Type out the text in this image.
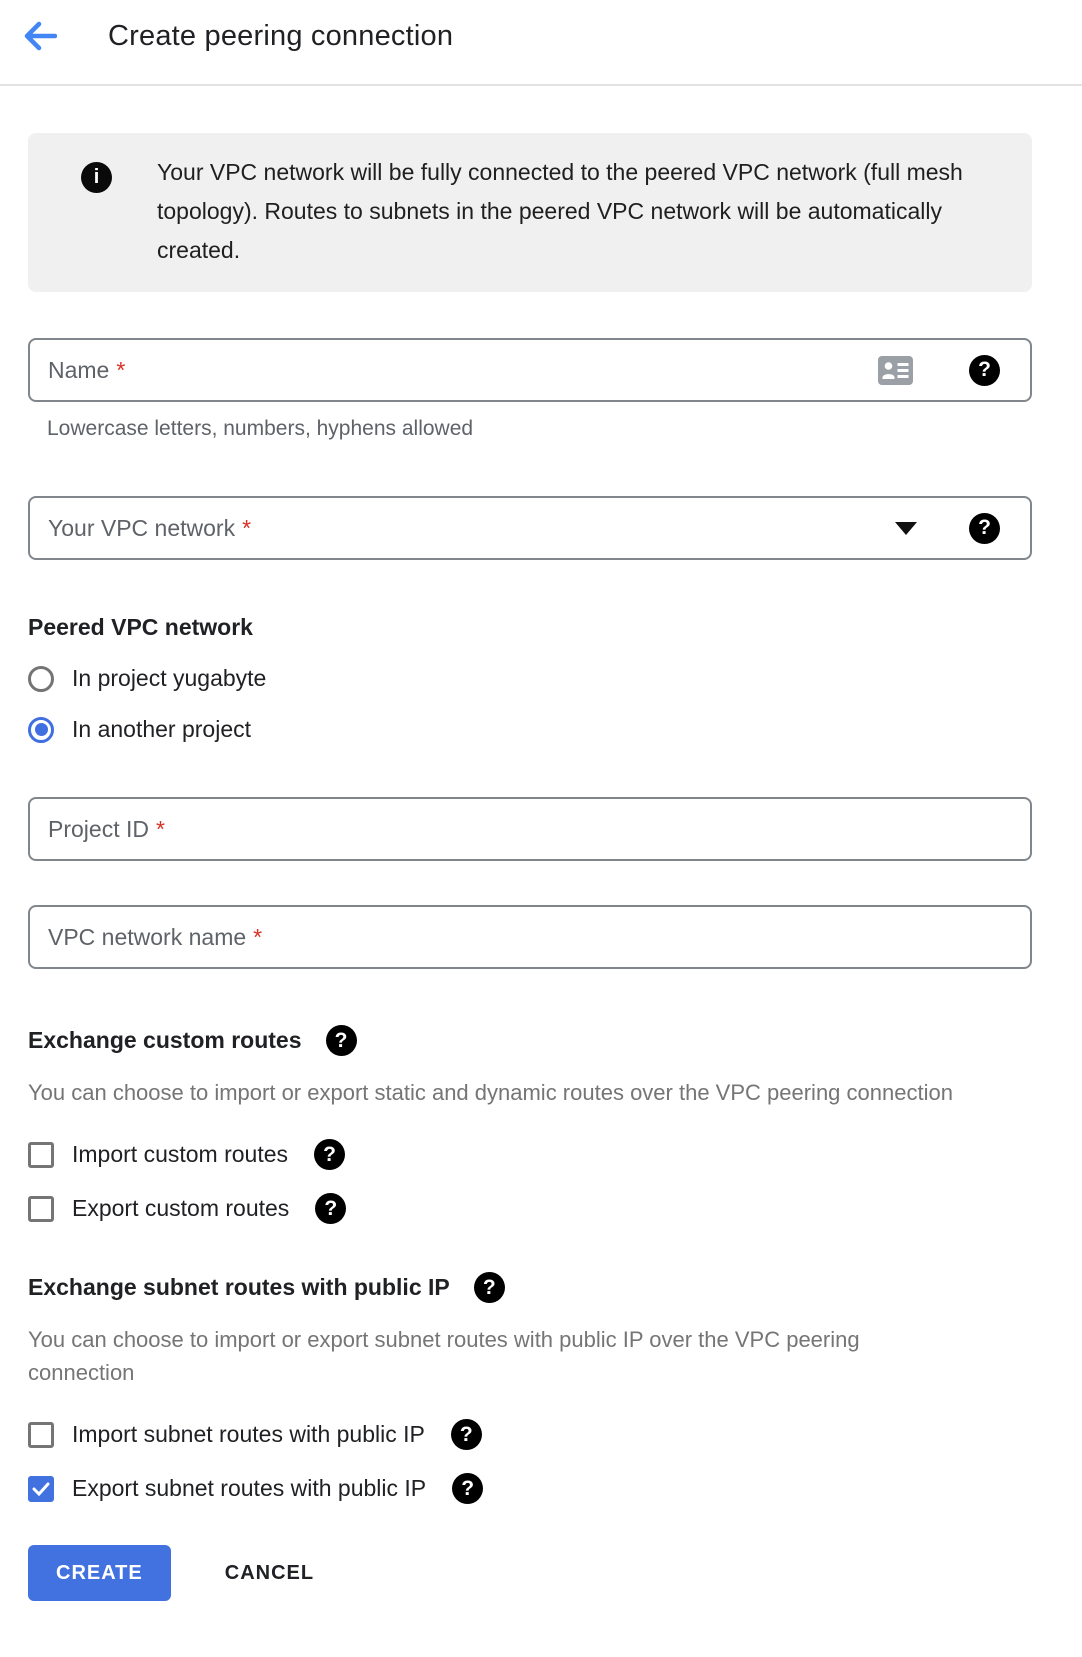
Create peering connection
i	Your VPC network will be fully connected to the peered VPC network (full mesh topology). Routes to subnets in the peered VPC network will be automatically created.

Name *	?
Lowercase letters, numbers, hyphens allowed
Your VPC network *	?
Peered VPC network
In project yugabyte
In another project
Project ID *
VPC network name *
Exchange custom routes	?

You can choose to import or export static and dynamic routes over the VPC peering connection

Import custom routes	?
Export custom routes	?
Exchange subnet routes with public IP	?

You can choose to import or export subnet routes with public IP over the VPC peering connection

Import subnet routes with public IP	?
Export subnet routes with public IP	?
CREATE	CANCEL
